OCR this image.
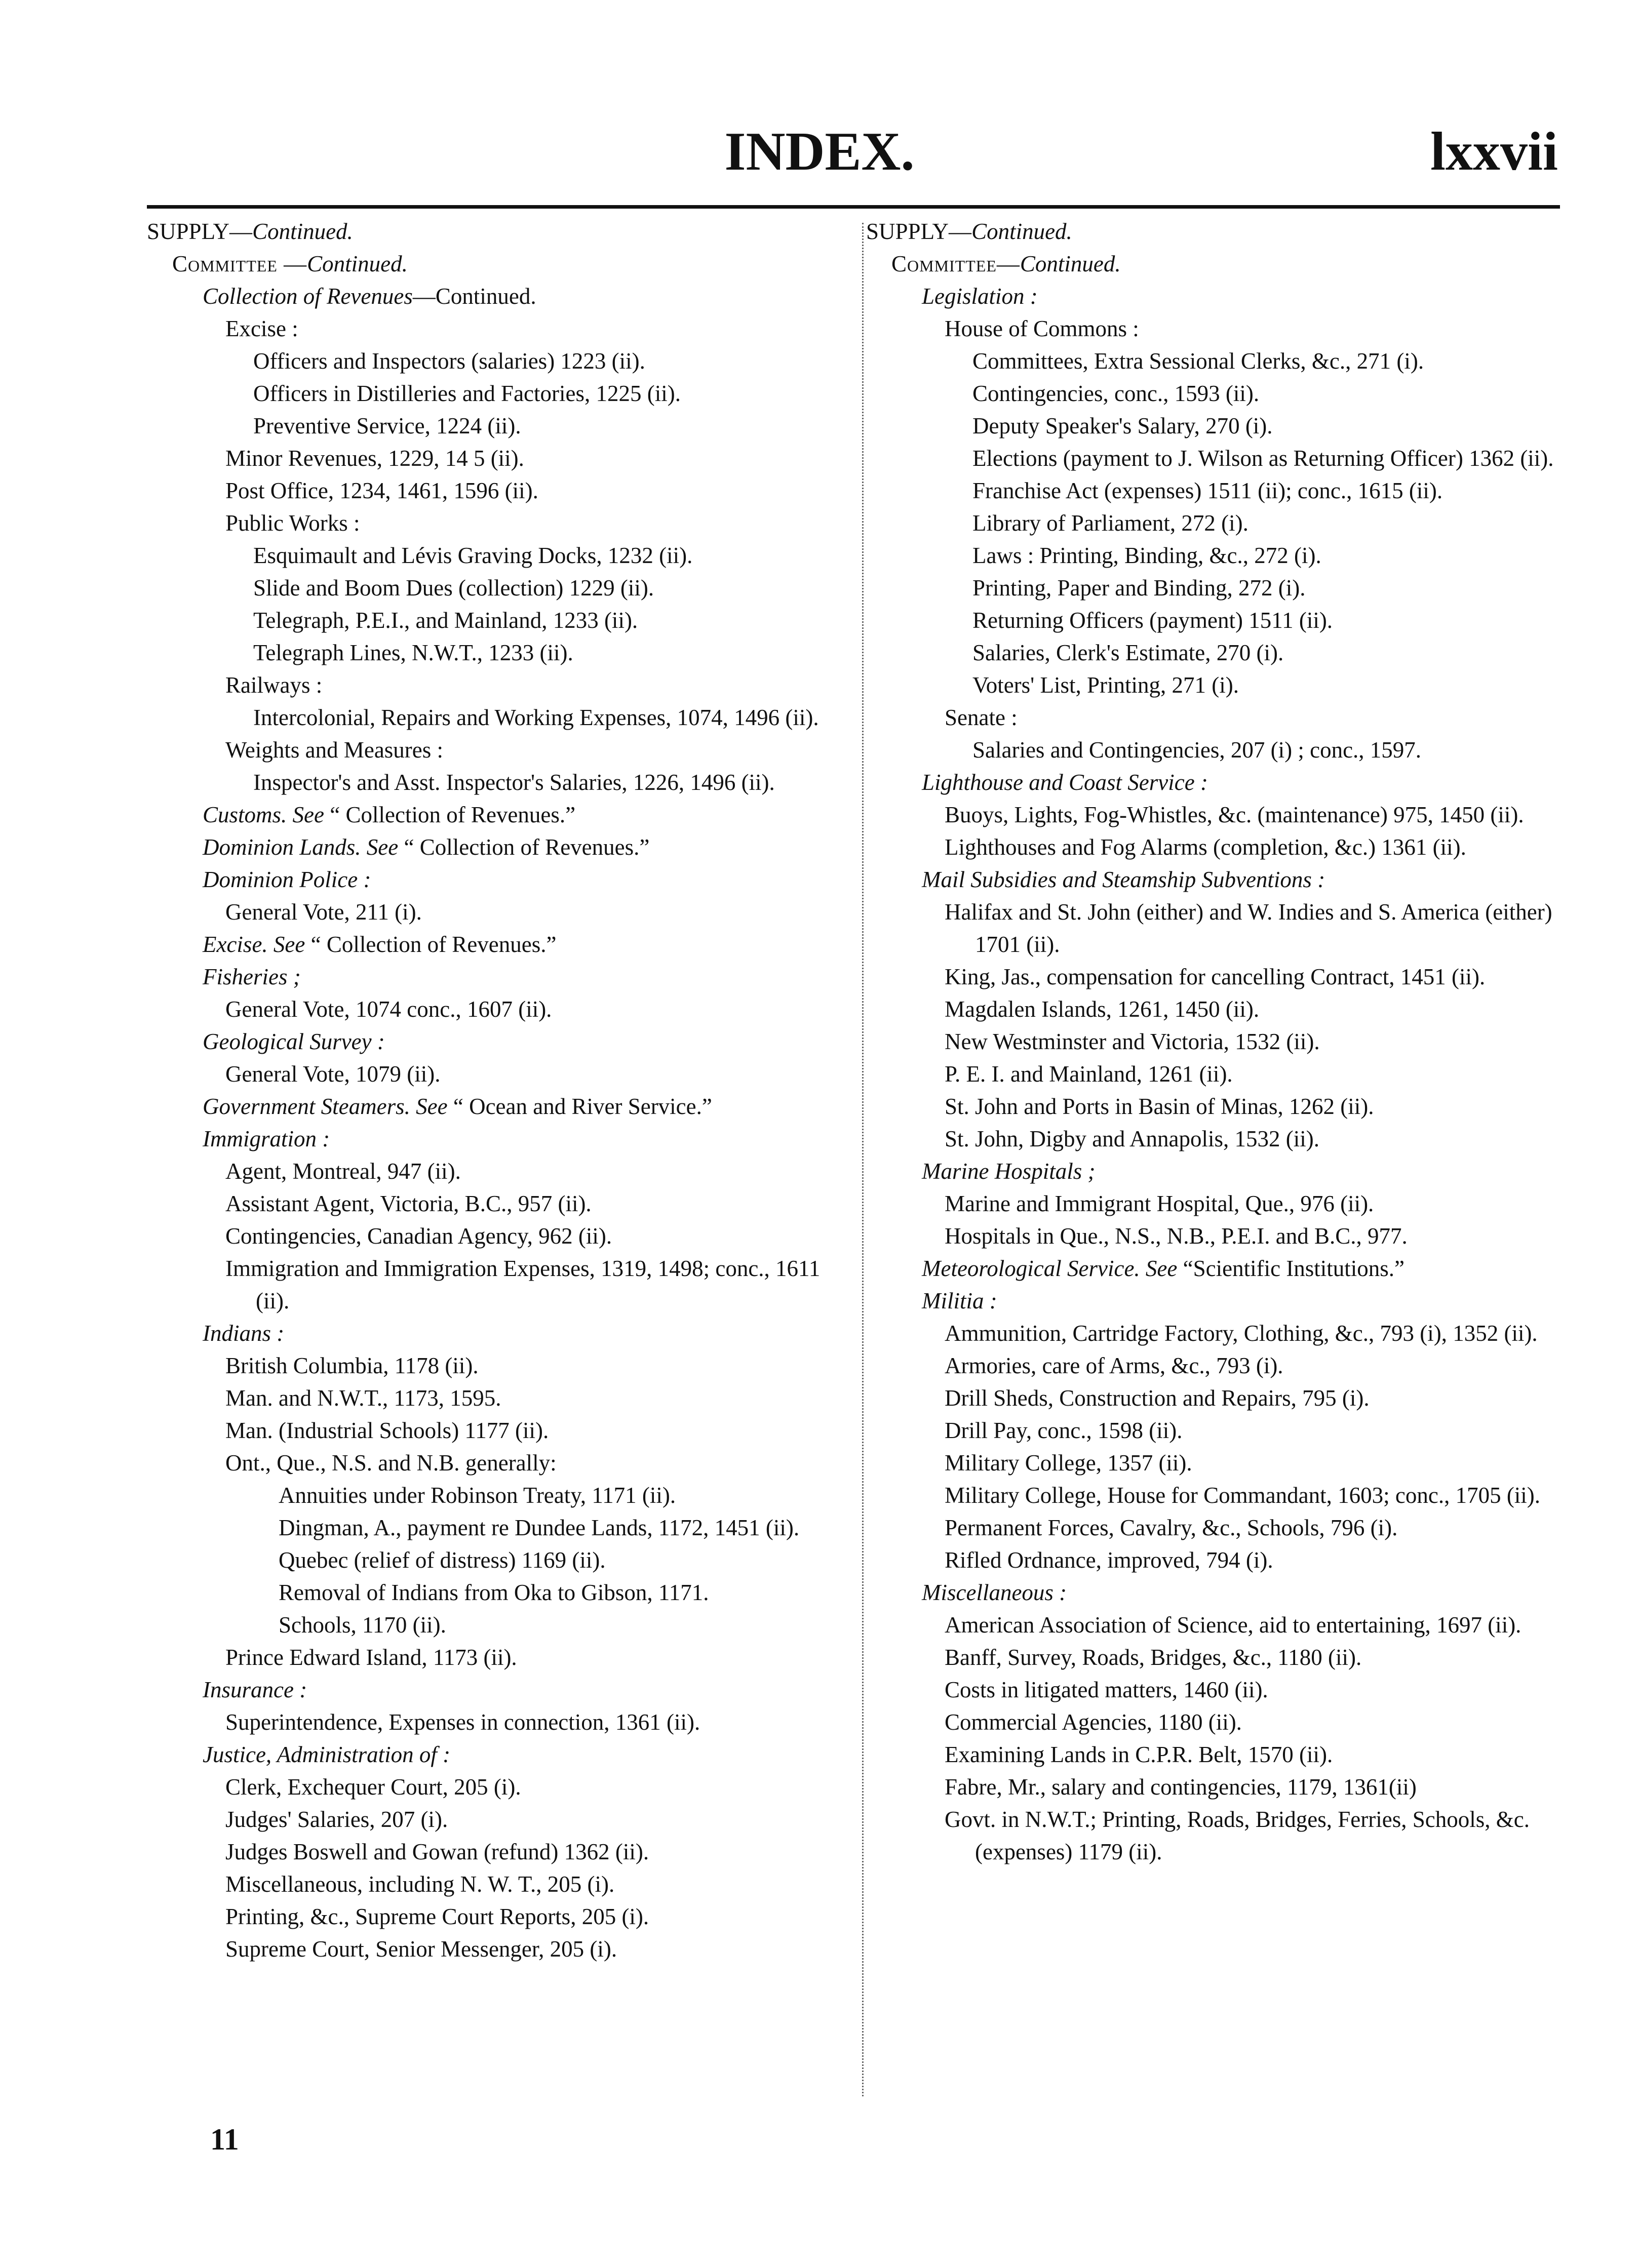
INDEX.	lxxvii
SUPPLY—Continued.
Committee —Continued.
Collection of Revenues—Continued.
Excise :
Officers and Inspectors (salaries) 1223 (ii).
Officers in Distilleries and Factories, 1225 (ii).
Preventive Service, 1224 (ii).
Minor Revenues, 1229, 14 5 (ii).
Post Office, 1234, 1461, 1596 (ii).
Public Works :
Esquimault and Lévis Graving Docks, 1232 (ii).
Slide and Boom Dues (collection) 1229 (ii).
Telegraph, P.E.I., and Mainland, 1233 (ii).
Telegraph Lines, N.W.T., 1233 (ii).
Railways :
Intercolonial, Repairs and Working Expenses, 1074, 1496 (ii).
Weights and Measures :
Inspector's and Asst. Inspector's Salaries, 1226, 1496 (ii).
Customs. See “ Collection of Revenues.”
Dominion Lands. See “ Collection of Revenues.”
Dominion Police :
General Vote, 211 (i).
Excise. See “ Collection of Revenues.”
Fisheries ;
General Vote, 1074 conc., 1607 (ii).
Geological Survey :
General Vote, 1079 (ii).
Government Steamers. See “ Ocean and River Service.”
Immigration :
Agent, Montreal, 947 (ii).
Assistant Agent, Victoria, B.C., 957 (ii).
Contingencies, Canadian Agency, 962 (ii).
Immigration and Immigration Expenses, 1319, 1498; conc., 1611 (ii).
Indians :
British Columbia, 1178 (ii).
Man. and N.W.T., 1173, 1595.
Man. (Industrial Schools) 1177 (ii).
Ont., Que., N.S. and N.B. generally:
Annuities under Robinson Treaty, 1171 (ii).
Dingman, A., payment re Dundee Lands, 1172, 1451 (ii).
Quebec (relief of distress) 1169 (ii).
Removal of Indians from Oka to Gibson, 1171.
Schools, 1170 (ii).
Prince Edward Island, 1173 (ii).
Insurance :
Superintendence, Expenses in connection, 1361 (ii).
Justice, Administration of :
Clerk, Exchequer Court, 205 (i).
Judges' Salaries, 207 (i).
Judges Boswell and Gowan (refund) 1362 (ii).
Miscellaneous, including N. W. T., 205 (i).
Printing, &c., Supreme Court Reports, 205 (i).
Supreme Court, Senior Messenger, 205 (i).
SUPPLY—Continued.
Committee—Continued.
Legislation :
House of Commons :
Committees, Extra Sessional Clerks, &c., 271 (i).
Contingencies, conc., 1593 (ii).
Deputy Speaker's Salary, 270 (i).
Elections (payment to J. Wilson as Returning Officer) 1362 (ii).
Franchise Act (expenses) 1511 (ii); conc., 1615 (ii).
Library of Parliament, 272 (i).
Laws : Printing, Binding, &c., 272 (i).
Printing, Paper and Binding, 272 (i).
Returning Officers (payment) 1511 (ii).
Salaries, Clerk's Estimate, 270 (i).
Voters' List, Printing, 271 (i).
Senate :
Salaries and Contingencies, 207 (i) ; conc., 1597.
Lighthouse and Coast Service :
Buoys, Lights, Fog-Whistles, &c. (maintenance) 975, 1450 (ii).
Lighthouses and Fog Alarms (completion, &c.) 1361 (ii).
Mail Subsidies and Steamship Subventions :
Halifax and St. John (either) and W. Indies and S. America (either) 1701 (ii).
King, Jas., compensation for cancelling Contract, 1451 (ii).
Magdalen Islands, 1261, 1450 (ii).
New Westminster and Victoria, 1532 (ii).
P. E. I. and Mainland, 1261 (ii).
St. John and Ports in Basin of Minas, 1262 (ii).
St. John, Digby and Annapolis, 1532 (ii).
Marine Hospitals ;
Marine and Immigrant Hospital, Que., 976 (ii).
Hospitals in Que., N.S., N.B., P.E.I. and B.C., 977.
Meteorological Service. See “Scientific Institutions.”
Militia :
Ammunition, Cartridge Factory, Clothing, &c., 793 (i), 1352 (ii).
Armories, care of Arms, &c., 793 (i).
Drill Sheds, Construction and Repairs, 795 (i).
Drill Pay, conc., 1598 (ii).
Military College, 1357 (ii).
Military College, House for Commandant, 1603; conc., 1705 (ii).
Permanent Forces, Cavalry, &c., Schools, 796 (i).
Rifled Ordnance, improved, 794 (i).
Miscellaneous :
American Association of Science, aid to entertaining, 1697 (ii).
Banff, Survey, Roads, Bridges, &c., 1180 (ii).
Costs in litigated matters, 1460 (ii).
Commercial Agencies, 1180 (ii).
Examining Lands in C.P.R. Belt, 1570 (ii).
Fabre, Mr., salary and contingencies, 1179, 1361(ii)
Govt. in N.W.T.; Printing, Roads, Bridges, Ferries, Schools, &c. (expenses) 1179 (ii).
11
